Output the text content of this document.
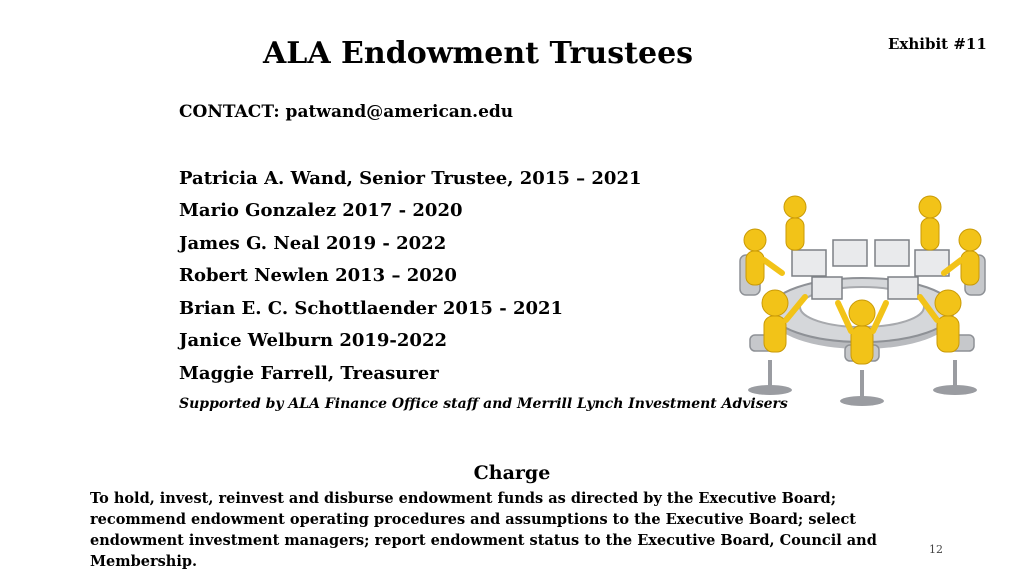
Exhibit #11
ALA Endowment Trustees
CONTACT: patwand@american.edu
Patricia A. Wand, Senior Trustee, 2015 – 2021
Mario Gonzalez 2017 - 2020
James G. Neal 2019 - 2022
Robert Newlen 2013 – 2020
Brian E. C. Schottlaender 2015 - 2021
Janice Welburn 2019-2022
Maggie Farrell, Treasurer
Supported by ALA Finance Office staff and Merrill Lynch Investment Advisers
Charge
To hold, invest, reinvest and disburse endowment funds as directed by the Executive Board; recommend endowment operating procedures and assumptions to the Executive Board; select endowment investment managers; report endowment status to the Executive Board, Council and Membership.
12
